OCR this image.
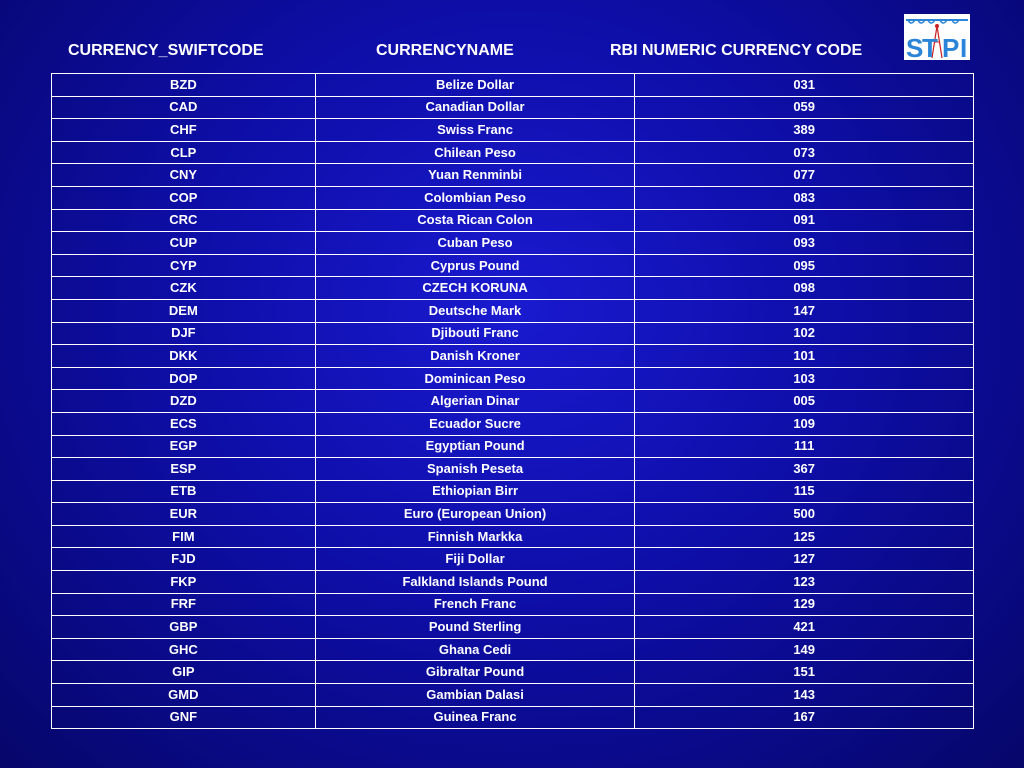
CURRENCY_SWIFTCODE	CURRENCYNAME	RBI NUMERIC CURRENCY CODE S
T P I
BZD	Belize Dollar	031
CAD	Canadian Dollar	059
CHF	Swiss Franc	389
CLP	Chilean Peso	073
CNY	Yuan Renminbi	077
COP	Colombian Peso	083
CRC	Costa Rican Colon	091
CUP	Cuban Peso	093
CYP	Cyprus Pound	095
CZK	CZECH KORUNA	098
DEM	Deutsche Mark	147
DJF	Djibouti Franc	102
DKK	Danish Kroner	101
DOP	Dominican Peso	103
DZD	Algerian Dinar	005
ECS	Ecuador Sucre	109
EGP	Egyptian Pound	111
ESP	Spanish Peseta	367
ETB	Ethiopian Birr	115
EUR	Euro (European Union)	500
FIM	Finnish Markka	125
FJD	Fiji Dollar	127
FKP	Falkland Islands Pound	123
FRF	French Franc	129
GBP	Pound Sterling	421
GHC	Ghana Cedi	149
GIP	Gibraltar Pound	151
GMD	Gambian Dalasi	143
GNF	Guinea Franc	167
